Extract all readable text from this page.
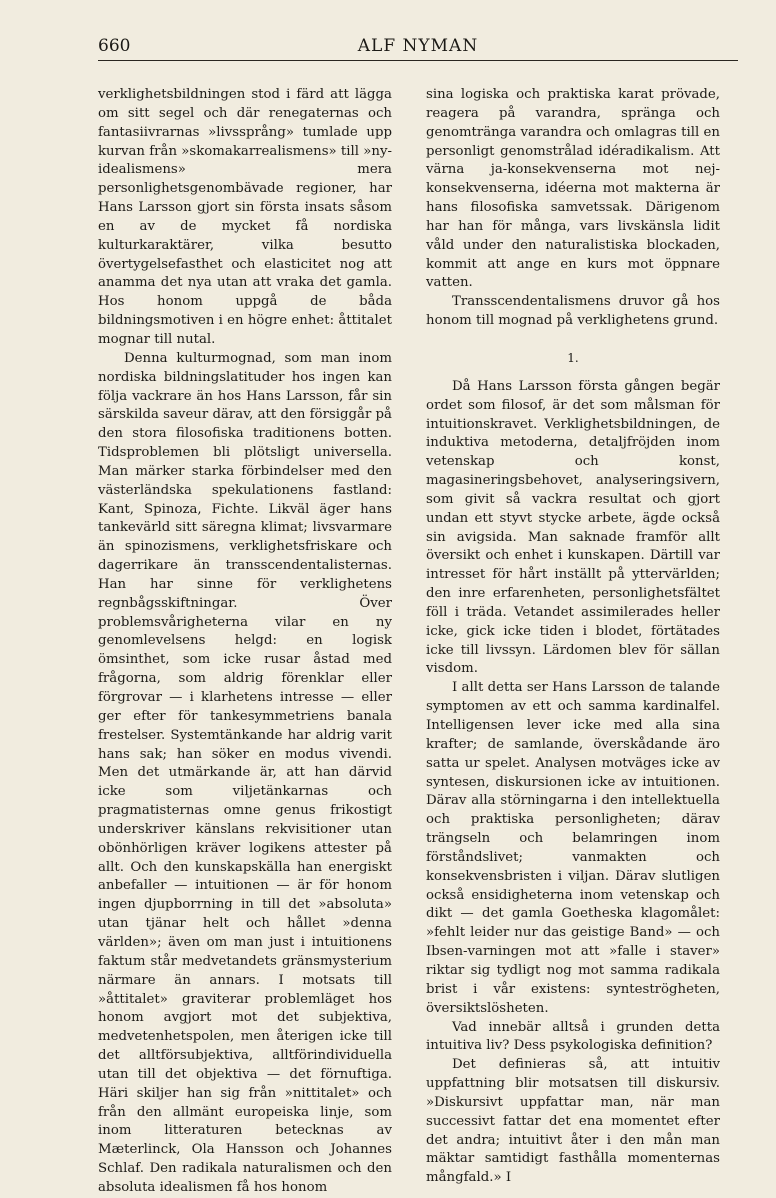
660	ALF NYMAN

verklighetsbildningen stod i färd att lägga om sitt segel och där renegaternas och fantasiivrarnas »livssprång» tumlade upp kurvan från »skomakarrealismens» till »ny-idealismens» mera personlighetsgenombävade regioner, har Hans Larsson gjort sin första insats såsom en av de mycket få nordiska kulturkaraktärer, vilka besutto övertygelsefasthet och elasticitet nog att anamma det nya utan att vraka det gamla. Hos honom uppgå de båda bildningsmotiven i en högre enhet: åttitalet mognar till nutal.

Denna kulturmognad, som man inom nordiska bildningslatituder hos ingen kan följa vackrare än hos Hans Larsson, får sin särskilda saveur därav, att den försiggår på den stora filosofiska traditionens botten. Tidsproblemen bli plötsligt universella. Man märker starka förbindelser med den västerländska spekulationens fastland: Kant, Spinoza, Fichte. Likväl äger hans tankevärld sitt säregna klimat; livsvarmare än spinozismens, verklighetsfriskare och dagerrikare än transscendentalisternas. Han har sinne för verklighetens regnbågsskiftningar. Över problemsvårigheterna vilar en ny genomlevelsens helgd: en logisk ömsinthet, som icke rusar åstad med frågorna, som aldrig förenklar eller förgrovar — i klarhetens intresse — eller ger efter för tankesymmetriens banala frestelser. Systemtänkande har aldrig varit hans sak; han söker en modus vivendi. Men det utmärkande är, att han därvid icke som viljetänkarnas och pragmatisternas omne genus frikostigt underskriver känslans rekvisitioner utan obönhörligen kräver logikens attester på allt. Och den kunskapskälla han energiskt anbefaller — intuitionen — är för honom ingen djupborrning in till det »absoluta» utan tjänar helt och hållet »denna världen»; även om man just i intuitionens faktum står medvetandets gränsmysterium närmare än annars. I motsats till »åttitalet» graviterar problemläget hos honom avgjort mot det subjektiva, medvetenhetspolen, men återigen icke till det alltförsubjektiva, alltförindividuella utan till det objektiva — det förnuftiga. Häri skiljer han sig från »nittitalet» och från den allmänt europeiska linje, som inom litteraturen betecknas av Mæterlinck, Ola Hansson och Johannes Schlaf. Den radikala naturalismen och den absoluta idealismen få hos honom

sina logiska och praktiska karat prövade, reagera på varandra, spränga och genomtränga varandra och omlagras till en personligt genomstrålad idéradikalism. Att värna ja-konsekvenserna mot nej-konsekvenserna, idéerna mot makterna är hans filosofiska samvetssak. Därigenom har han för många, vars livskänsla lidit våld under den naturalistiska blockaden, kommit att ange en kurs mot öppnare vatten.

Transscendentalismens druvor gå hos honom till mognad på verklighetens grund.

1.

Då Hans Larsson första gången begär ordet som filosof, är det som målsman för intuitionskravet. Verklighetsbildningen, de induktiva metoderna, detaljfröjden inom vetenskap och konst, magasineringsbehovet, analyseringsivern, som givit så vackra resultat och gjort undan ett styvt stycke arbete, ägde också sin avigsida. Man saknade framför allt översikt och enhet i kunskapen. Därtill var intresset för hårt inställt på yttervärlden; den inre erfarenheten, personlighetsfältet föll i träda. Vetandet assimilerades heller icke, gick icke tiden i blodet, förtätades icke till livssyn. Lärdomen blev för sällan visdom.

I allt detta ser Hans Larsson de talande symptomen av ett och samma kardinalfel. Intelligensen lever icke med alla sina krafter; de samlande, överskådande äro satta ur spelet. Analysen motväges icke av syntesen, diskursionen icke av intuitionen. Därav alla störningarna i den intellektuella och praktiska personligheten; därav trängseln och belamringen inom förståndslivet; vanmakten och konsekvensbristen i viljan. Därav slutligen också ensidigheterna inom vetenskap och dikt — det gamla Goetheska klagomålet: »fehlt leider nur das geistige Band» — och Ibsen-varningen mot att »falle i staver» riktar sig tydligt nog mot samma radikala brist i vår existens: synteströgheten, översiktslösheten.

Vad innebär alltså i grunden detta intuitiva liv? Dess psykologiska definition?

Det definieras så, att intuitiv uppfattning blir motsatsen till diskursiv. »Diskursivt uppfattar man, när man successivt fattar det ena momentet efter det andra; intuitivt åter i den mån man mäktar samtidigt fasthålla momenternas mångfald.» I
